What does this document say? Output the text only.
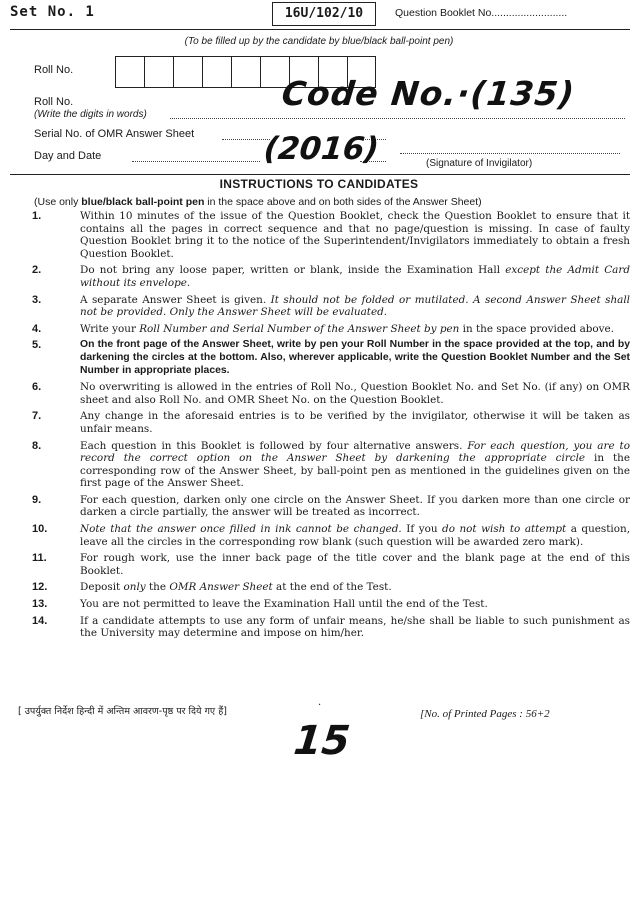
Set No. 1	16U/102/10	Question Booklet No..........................
(To be filled up by the candidate by blue/black ball-point pen)
Roll No.
Roll No.
(Write the digits in words)
Serial No. of OMR Answer Sheet
Day and Date
Code No.·(135)
(2016)	(Signature of Invigilator)
INSTRUCTIONS TO CANDIDATES
(Use only blue/black ball-point pen in the space above and on both sides of the Answer Sheet)
1.	Within 10 minutes of the issue of the Question Booklet, check the Question Booklet to ensure that it contains all the pages in correct sequence and that no page/question is missing. In case of faulty Question Booklet bring it to the notice of the Superintendent/Invigilators immediately to obtain a fresh Question Booklet.
2.	Do not bring any loose paper, written or blank, inside the Examination Hall except the Admit Card without its envelope.
3.	A separate Answer Sheet is given. It should not be folded or mutilated. A second Answer Sheet shall not be provided. Only the Answer Sheet will be evaluated.
4.	Write your Roll Number and Serial Number of the Answer Sheet by pen in the space provided above.
5.	On the front page of the Answer Sheet, write by pen your Roll Number in the space provided at the top, and by darkening the circles at the bottom. Also, wherever applicable, write the Question Booklet Number and the Set Number in appropriate places.
6.	No overwriting is allowed in the entries of Roll No., Question Booklet No. and Set No. (if any) on OMR sheet and also Roll No. and OMR Sheet No. on the Question Booklet.
7.	Any change in the aforesaid entries is to be verified by the invigilator, otherwise it will be taken as unfair means.
8.	Each question in this Booklet is followed by four alternative answers. For each question, you are to record the correct option on the Answer Sheet by darkening the appropriate circle in the corresponding row of the Answer Sheet, by ball-point pen as mentioned in the guidelines given on the first page of the Answer Sheet.
9.	For each question, darken only one circle on the Answer Sheet. If you darken more than one circle or darken a circle partially, the answer will be treated as incorrect.
10.	Note that the answer once filled in ink cannot be changed. If you do not wish to attempt a question, leave all the circles in the corresponding row blank (such question will be awarded zero mark).
11.	For rough work, use the inner back page of the title cover and the blank page at the end of this Booklet.
12.	Deposit only the OMR Answer Sheet at the end of the Test.
13.	You are not permitted to leave the Examination Hall until the end of the Test.
14.	If a candidate attempts to use any form of unfair means, he/she shall be liable to such punishment as the University may determine and impose on him/her.
[ उपर्युक्त निर्देश हिन्दी में अन्तिम आवरण-पृष्ठ पर दिये गए हैं]
·
[No. of Printed Pages : 56+2
15
